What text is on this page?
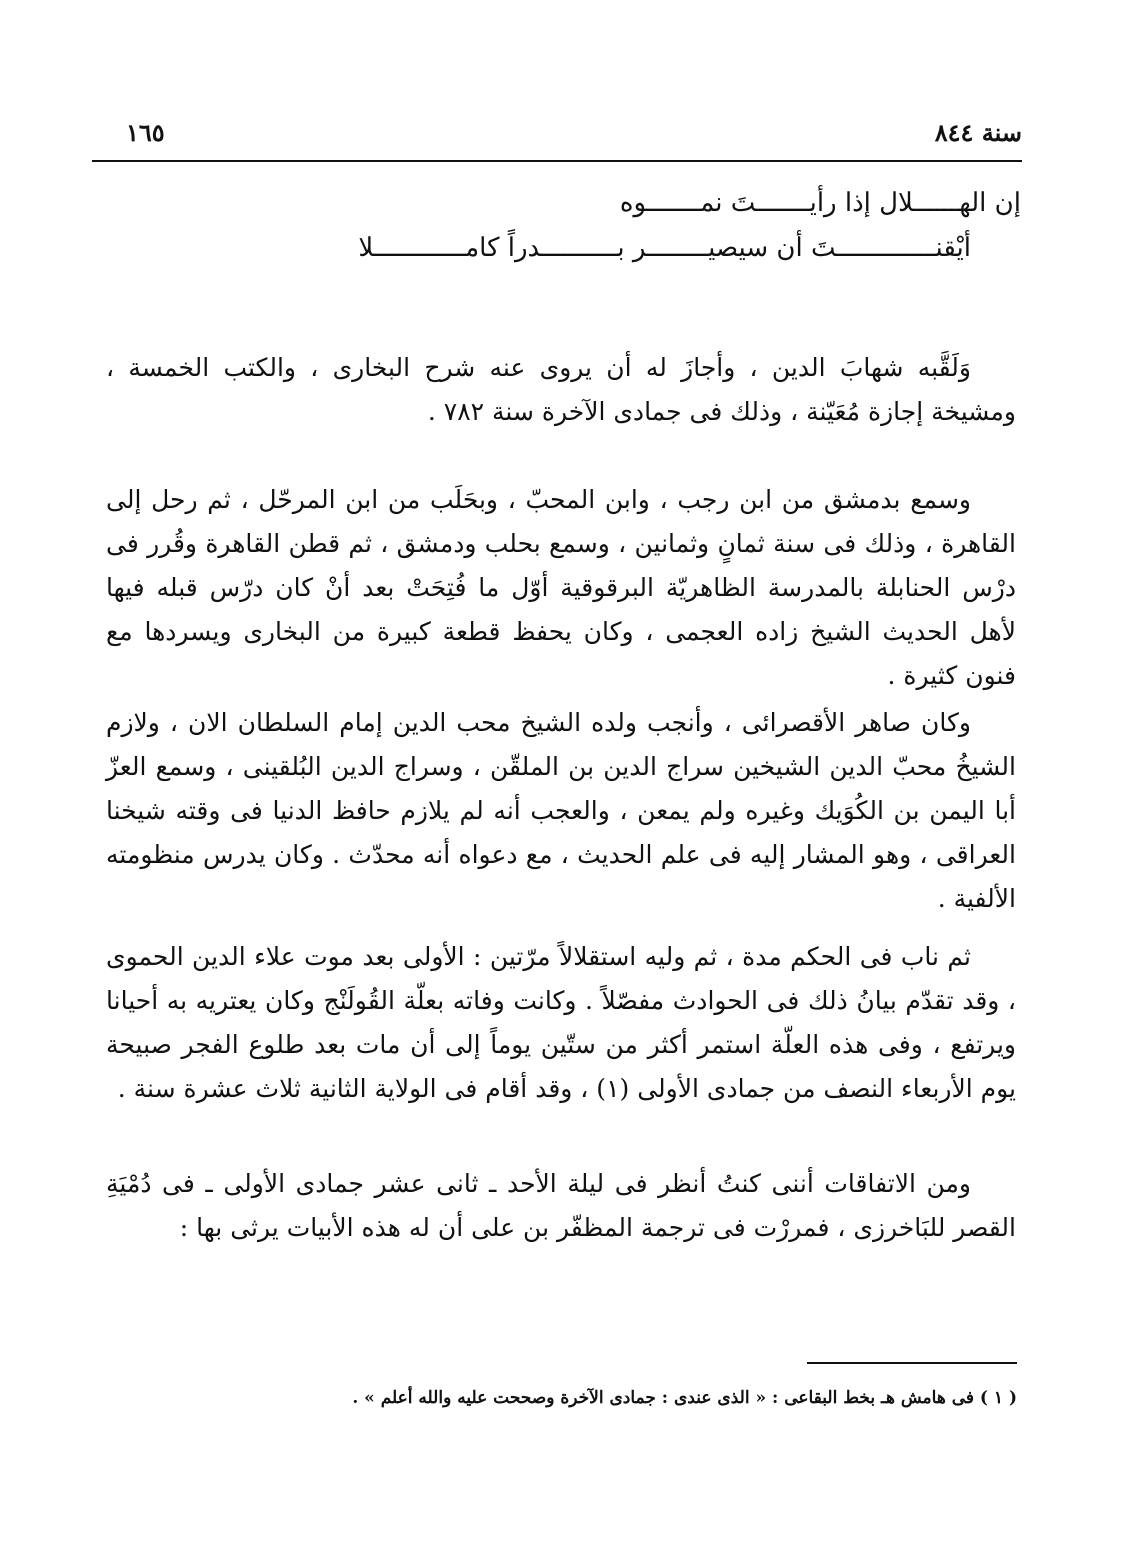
سنة ٨٤٤
١٦٥
إن الهــــــلال إذا رأيـــــــتَ نمـــــــوه
أيْقنـــــــــــــتَ أن سيصيــــــــر بــــــــــدراً كامــــــــــــلا

وَلَقَّبه شهابَ الدين ، وأجازَ له أن يروى عنه شرح البخارى ، والكتب الخمسة ، ومشيخة إجازة مُعَيّنة ، وذلك فى جمادى الآخرة سنة ٧٨٢ .

وسمع بدمشق من ابن رجب ، وابن المحبّ ، وبحَلَب من ابن المرحّل ، ثم رحل إلى القاهرة ، وذلك فى سنة ثمانٍ وثمانين ، وسمع بحلب ودمشق ، ثم قطن القاهرة وقُرر فى درْس الحنابلة بالمدرسة الظاهريّة البرقوقية أوّل ما فُتِحَتْ بعد أنْ كان درّس قبله فيها لأهل الحديث الشيخ زاده العجمى ، وكان يحفظ قطعة كبيرة من البخارى ويسردها مع فنون كثيرة .

وكان صاهر الأقصرائى ، وأنجب ولده الشيخ محب الدين إمام السلطان الان ، ولازم الشيخُ محبّ الدين الشيخين سراج الدين بن الملقّن ، وسراج الدين البُلقينى ، وسمع العزّ أبا اليمن بن الكُوَيك وغيره ولم يمعن ، والعجب أنه لم يلازم حافظ الدنيا فى وقته شيخنا العراقى ، وهو المشار إليه فى علم الحديث ، مع دعواه أنه محدّث . وكان يدرس منظومته الألفية .

ثم ناب فى الحكم مدة ، ثم وليه استقلالاً مرّتين : الأولى بعد موت علاء الدين الحموى ، وقد تقدّم بيانُ ذلك فى الحوادث مفصّلاً . وكانت وفاته بعلّة القُولَنْج وكان يعتريه به أحيانا ويرتفع ، وفى هذه العلّة استمر أكثر من ستّين يوماً إلى أن مات بعد طلوع الفجر صبيحة يوم الأربعاء النصف من جمادى الأولى (١) ، وقد أقام فى الولاية الثانية ثلاث عشرة سنة .

ومن الاتفاقات أننى كنتُ أنظر فى ليلة الأحد ـ ثانى عشر جمادى الأولى ـ فى دُمْيَةِ القصر للبَاخرزى ، فمررْت فى ترجمة المظفّر بن على أن له هذه الأبيات يرثى بها :

( ١ ) فى هامش هـ بخط البقاعى : « الذى عندى : جمادى الآخرة وصححت عليه والله أعلم » .
